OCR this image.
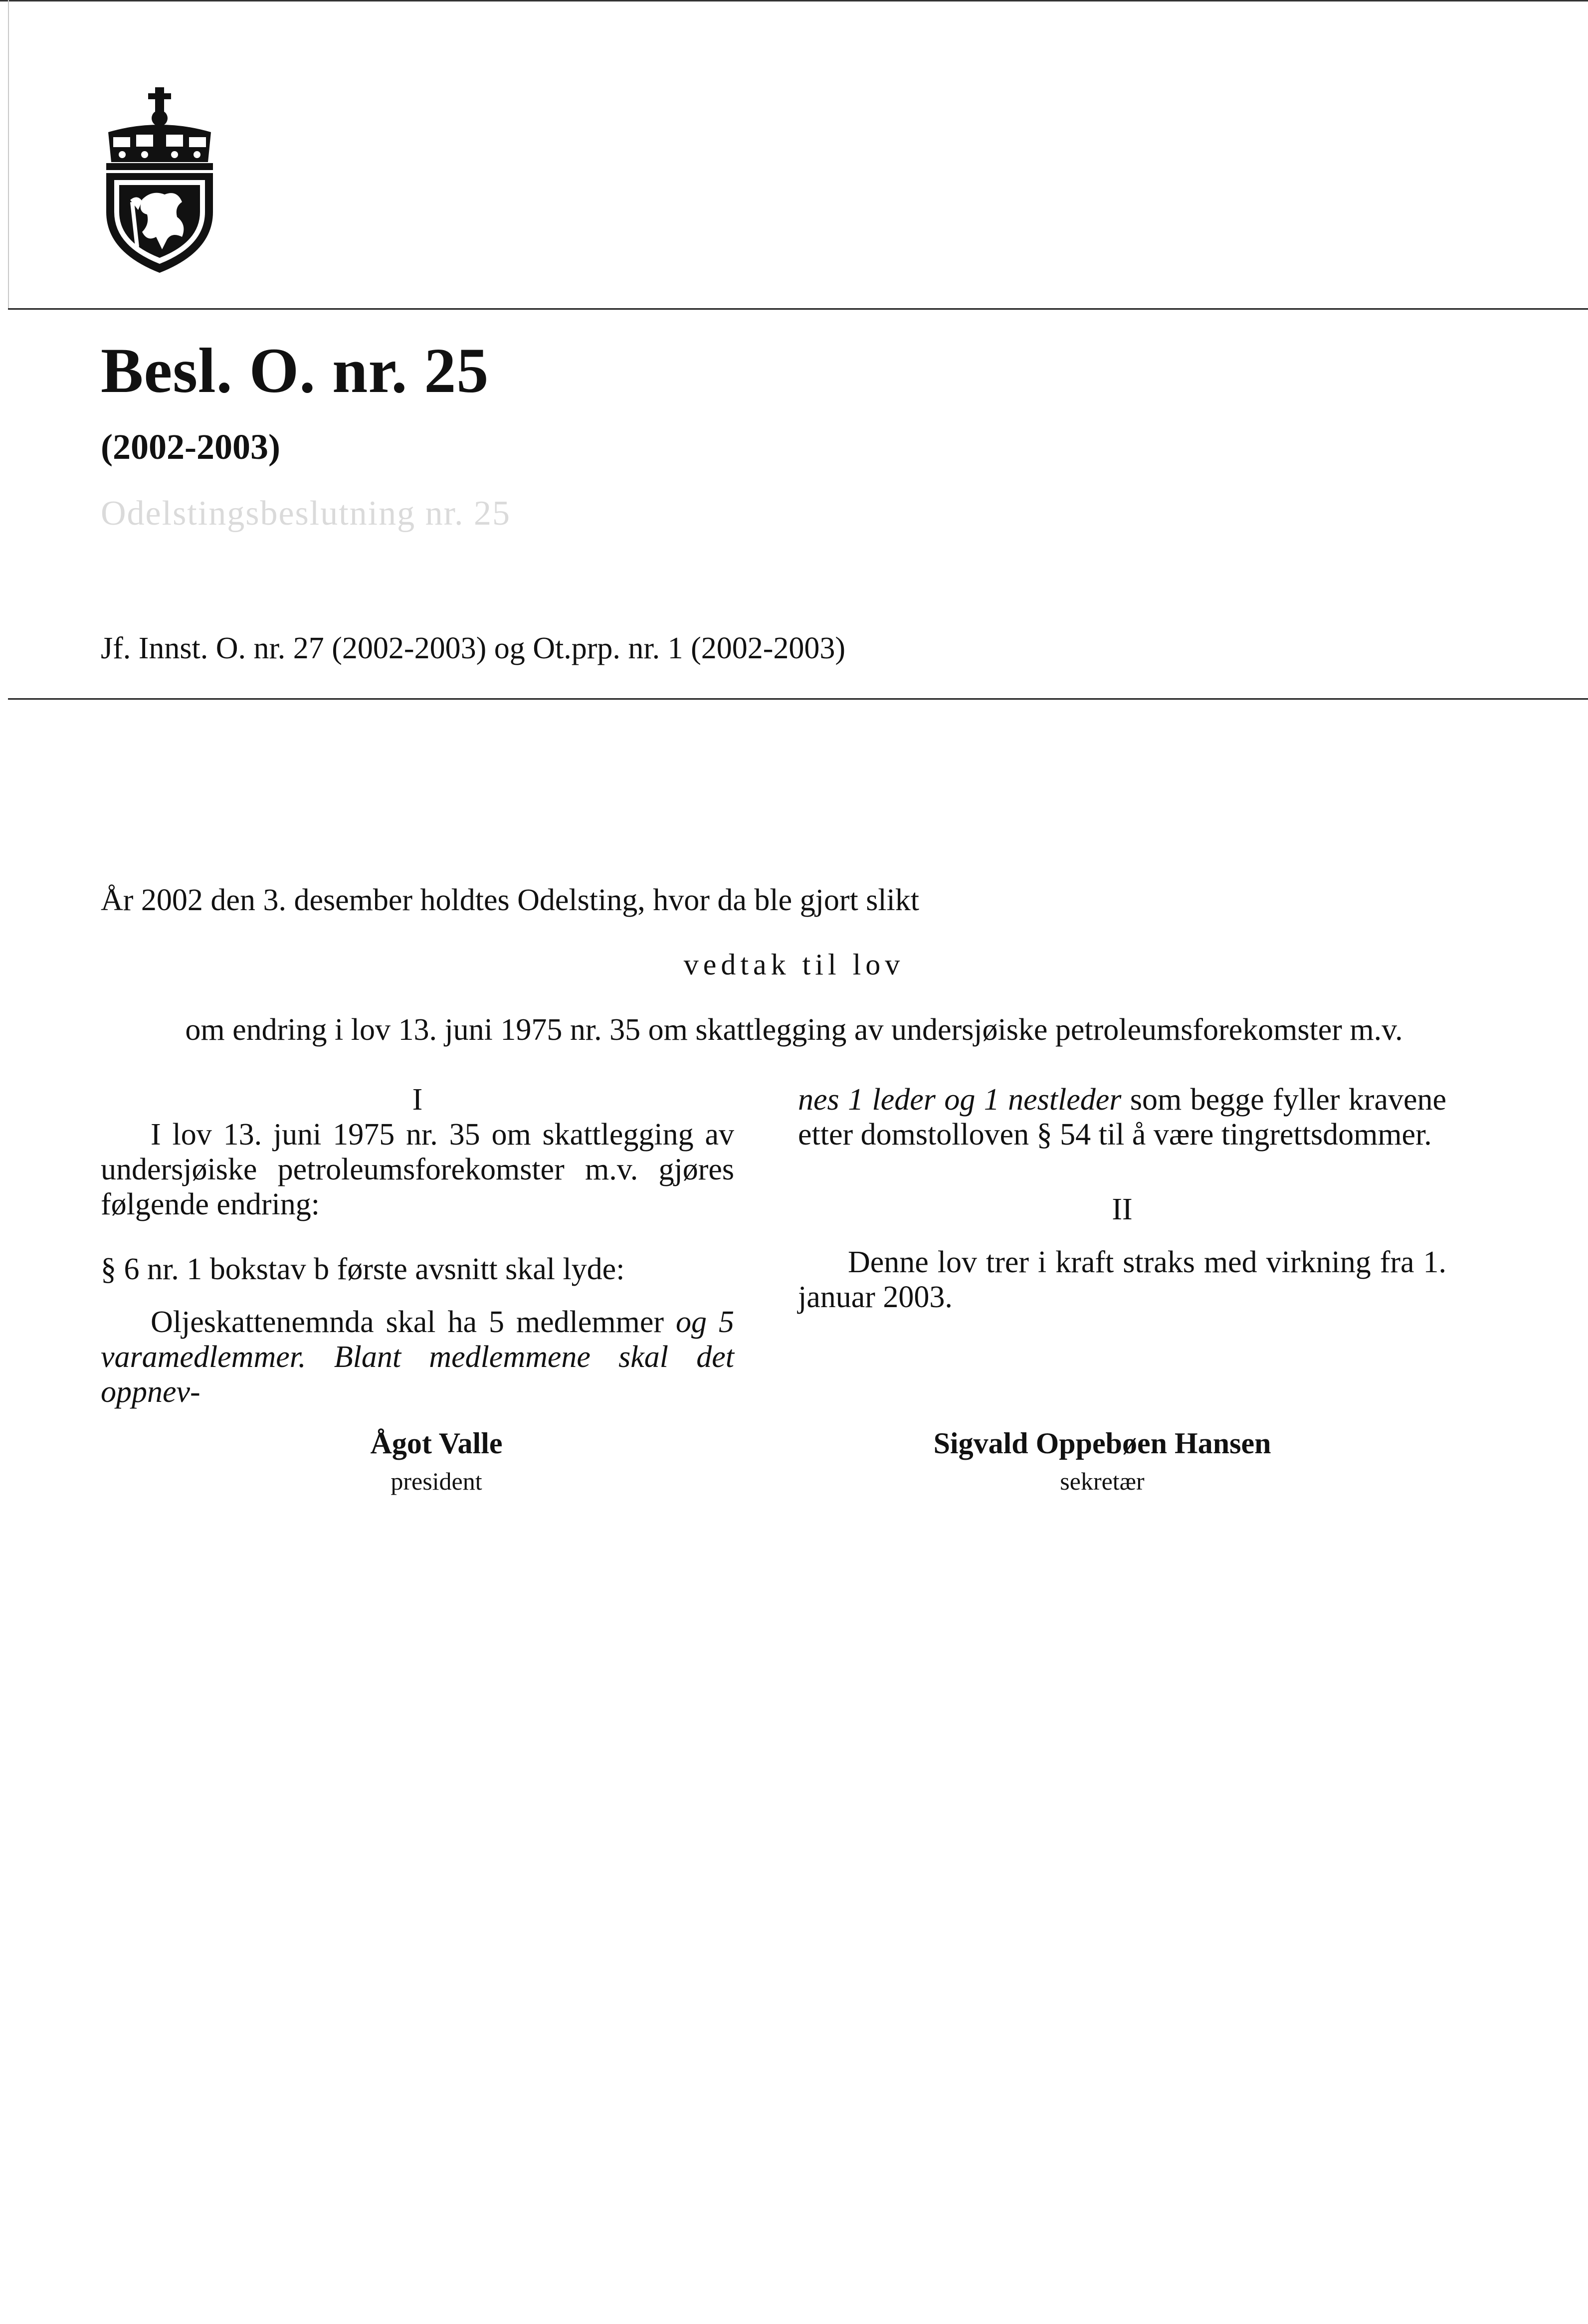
Besl. O. nr. 25
(2002-2003)
Odelstingsbeslutning nr. 25
Jf. Innst. O. nr. 27 (2002-2003) og Ot.prp. nr. 1 (2002-2003)
År 2002 den 3. desember holdtes Odelsting, hvor da ble gjort slikt
vedtak til lov
om endring i lov 13. juni 1975 nr. 35 om skattlegging av undersjøiske petroleumsforekomster m.v.

I

I lov 13. juni 1975 nr. 35 om skattlegging av undersjøiske petroleumsforekomster m.v. gjøres følgende endring:

§ 6 nr. 1 bokstav b første avsnitt skal lyde:

Oljeskattenemnda skal ha 5 medlemmer og 5 varamedlemmer. Blant medlemmene skal det oppnev-

nes 1 leder og 1 nestleder som begge fyller kravene etter domstolloven § 54 til å være tingrettsdommer.

II

Denne lov trer i kraft straks med virkning fra 1. januar 2003.

Ågot Valle
president
Sigvald Oppebøen Hansen
sekretær
